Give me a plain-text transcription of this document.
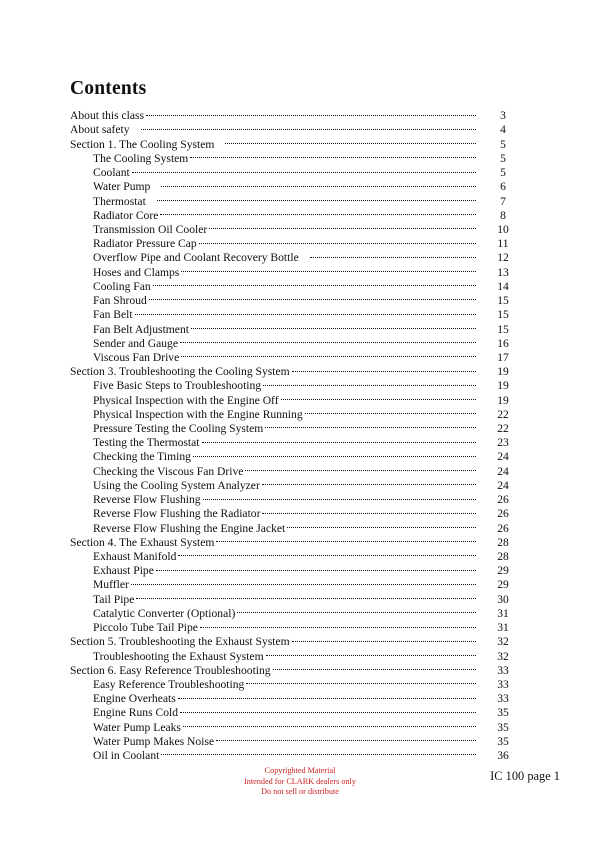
Contents
About this class	3
About safety	4
Section 1. The Cooling System	5
The Cooling System	5
Coolant	5
Water Pump	6
Thermostat	7
Radiator Core	8
Transmission Oil Cooler	10
Radiator Pressure Cap	11
Overflow Pipe and Coolant Recovery Bottle	12
Hoses and Clamps	13
Cooling Fan	14
Fan Shroud	15
Fan Belt	15
Fan Belt Adjustment	15
Sender and Gauge	16
Viscous Fan Drive	17
Section 3. Troubleshooting the Cooling System	19
Five Basic Steps to Troubleshooting	19
Physical Inspection with the Engine Off	19
Physical Inspection with the Engine Running	22
Pressure Testing the Cooling System	22
Testing the Thermostat	23
Checking the Timing	24
Checking the Viscous Fan Drive	24
Using the Cooling System Analyzer	24
Reverse Flow Flushing	26
Reverse Flow Flushing the Radiator	26
Reverse Flow Flushing the Engine Jacket	26
Section 4. The Exhaust System	28
Exhaust Manifold	28
Exhaust Pipe	29
Muffler	29
Tail Pipe	30
Catalytic Converter (Optional)	31
Piccolo Tube Tail Pipe	31
Section 5. Troubleshooting the Exhaust System	32
Troubleshooting the Exhaust System	32
Section 6. Easy Reference Troubleshooting	33
Easy Reference Troubleshooting	33
Engine Overheats	33
Engine Runs Cold	35
Water Pump Leaks	35
Water Pump Makes Noise	35
Oil in Coolant	36
Copyrighted Material
Intended for CLARK dealers only
Do not sell or distribute
IC 100 page 1
